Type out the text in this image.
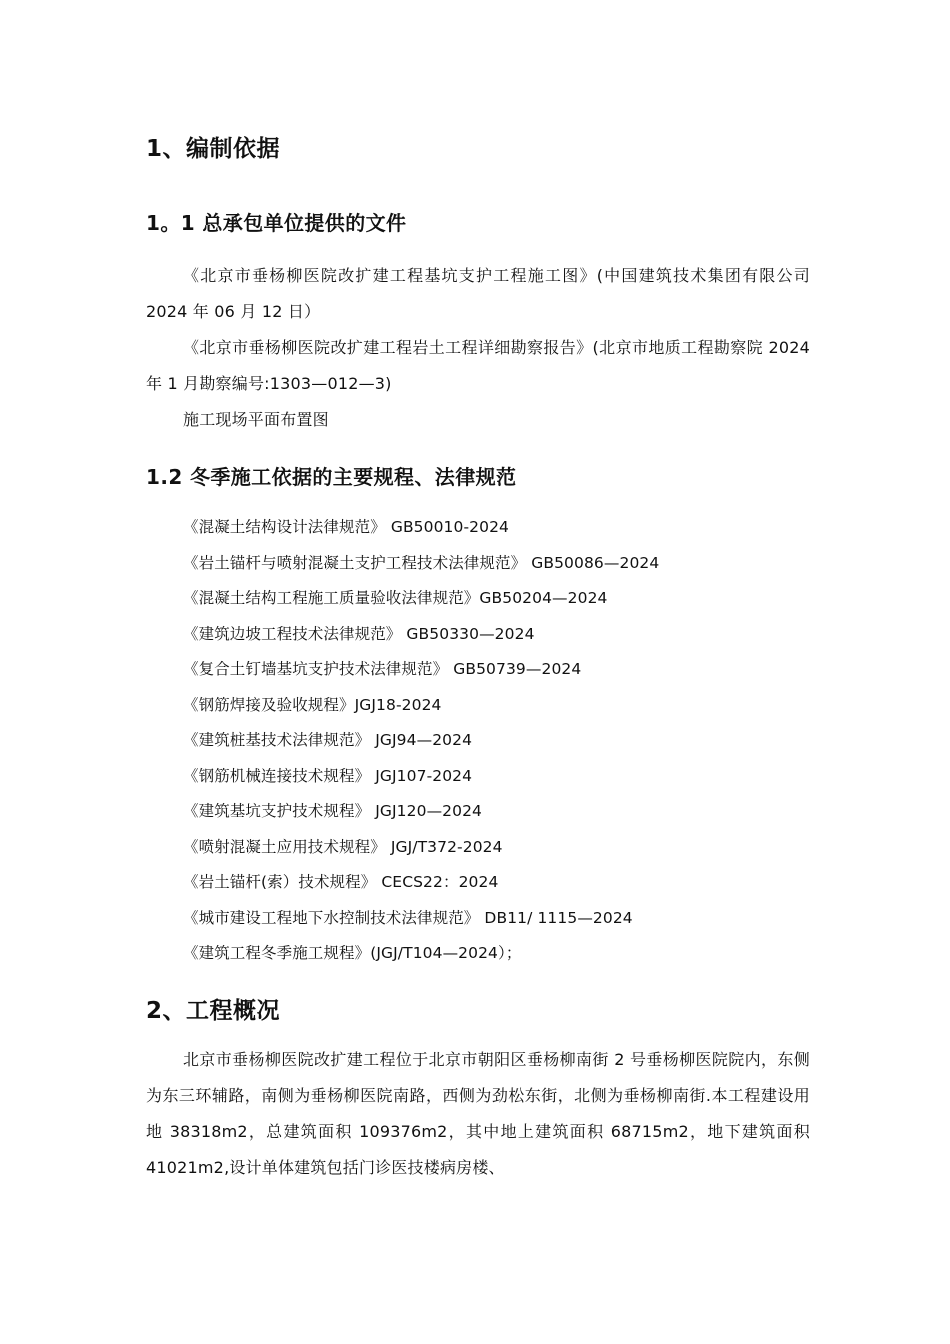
1、编制依据
1。1 总承包单位提供的文件
《北京市垂杨柳医院改扩建工程基坑支护工程施工图》(中国建筑技术集团有限公司 2024 年 06 月 12 日）
《北京市垂杨柳医院改扩建工程岩土工程详细勘察报告》(北京市地质工程勘察院 2024 年 1 月勘察编号:1303—012—3)
施工现场平面布置图
1.2 冬季施工依据的主要规程、法律规范
《混凝土结构设计法律规范》 GB50010-2024
《岩土锚杆与喷射混凝土支护工程技术法律规范》 GB50086—2024
《混凝土结构工程施工质量验收法律规范》GB50204—2024
《建筑边坡工程技术法律规范》 GB50330—2024
《复合土钉墙基坑支护技术法律规范》 GB50739—2024
《钢筋焊接及验收规程》JGJ18-2024
《建筑桩基技术法律规范》 JGJ94—2024
《钢筋机械连接技术规程》 JGJ107-2024
《建筑基坑支护技术规程》 JGJ120—2024
《喷射混凝土应用技术规程》 JGJ/T372-2024
《岩土锚杆(索）技术规程》 CECS22：2024
《城市建设工程地下水控制技术法律规范》 DB11/ 1115—2024
《建筑工程冬季施工规程》(JGJ/T104—2024）；
2、工程概况
北京市垂杨柳医院改扩建工程位于北京市朝阳区垂杨柳南街 2 号垂杨柳医院院内，东侧为东三环辅路，南侧为垂杨柳医院南路，西侧为劲松东街，北侧为垂杨柳南街.本工程建设用地 38318m2，总建筑面积 109376m2，其中地上建筑面积 68715m2，地下建筑面积 41021m2,设计单体建筑包括门诊医技楼病房楼、
